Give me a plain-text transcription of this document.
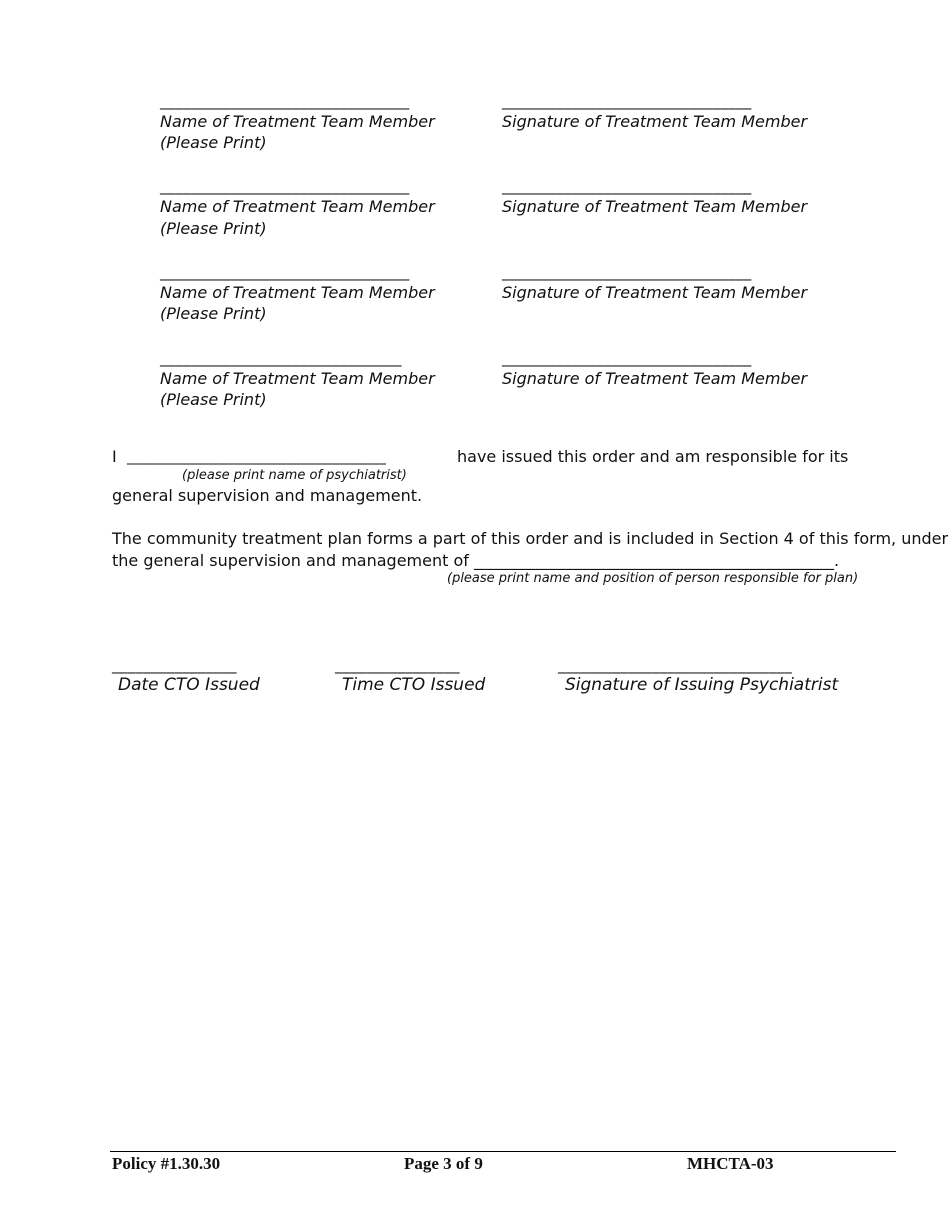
________________________________
Name of Treatment Team Member
(Please Print)
________________________________
Signature of Treatment Team Member
________________________________
Name of Treatment Team Member
(Please Print)
________________________________
Signature of Treatment Team Member
________________________________
Name of Treatment Team Member
(Please Print)
________________________________
Signature of Treatment Team Member
_______________________________
Name of Treatment Team Member
(Please Print)
________________________________
Signature of Treatment Team Member
I ____________________________________	have issued this order and am responsible for its
(please print name of psychiatrist)
general supervision and management.
The community treatment plan forms a part of this order and is included in Section 4 of this form, under
the general supervision and management of _____________________________________________.
(please print name and position of person responsible for plan)
________________
Date CTO Issued
________________
Time CTO Issued
______________________________
Signature of Issuing Psychiatrist
Policy #1.30.30	Page 3 of 9	MHCTA-03
